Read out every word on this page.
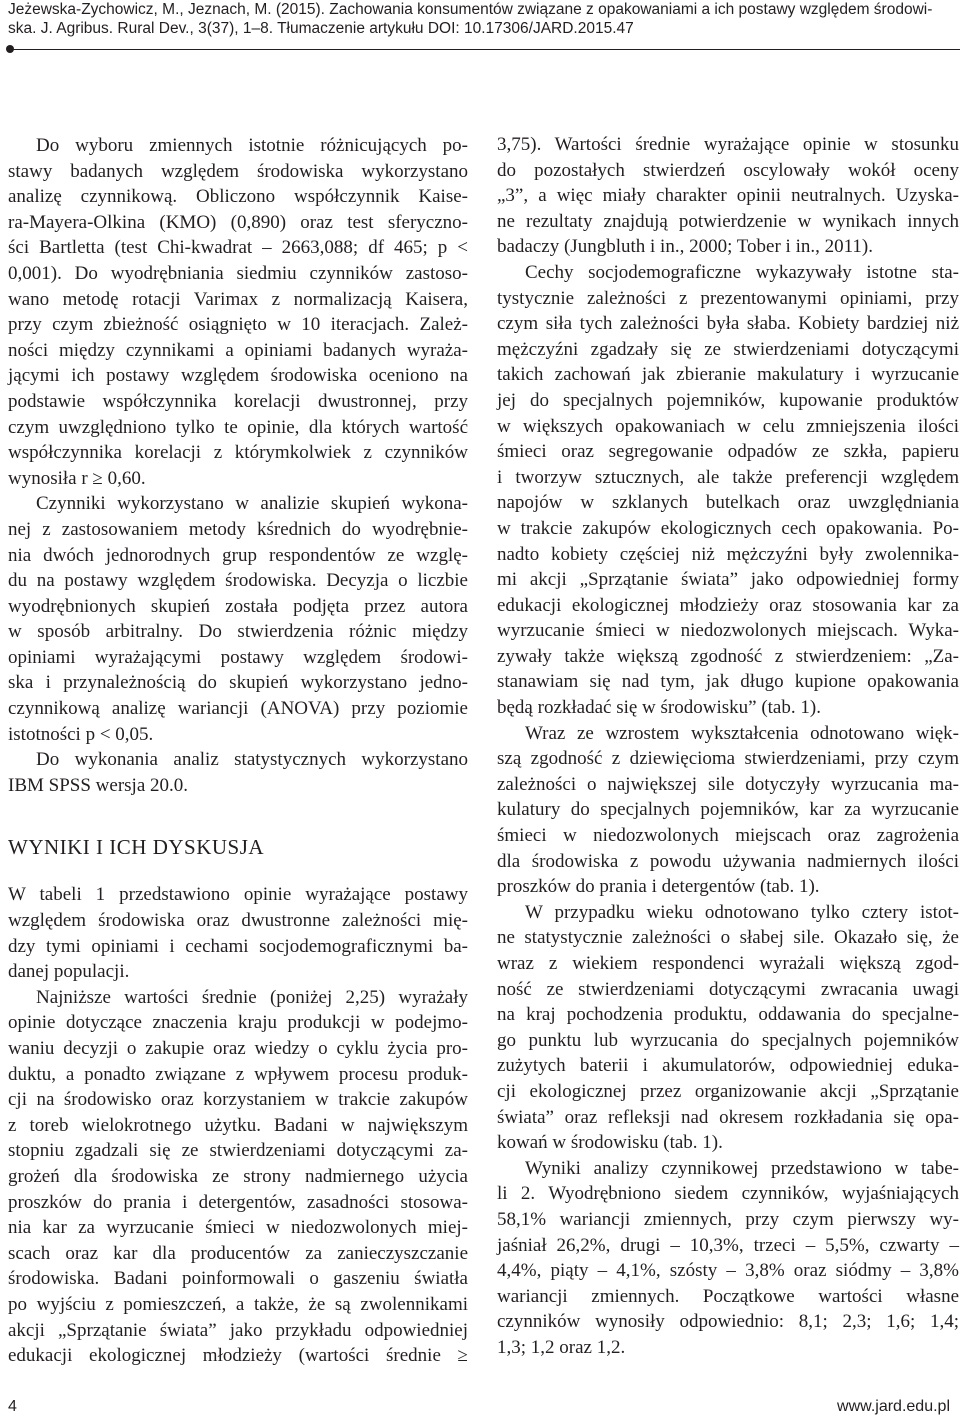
Jeżewska-Zychowicz, M., Jeznach, M. (2015). Zachowania konsumentów związane z opakowaniami a ich postawy względem środowi-
ska. J. Agribus. Rural Dev., 3(37), 1–8. Tłumaczenie artykułu DOI: 10.17306/JARD.2015.47
Do wyboru zmiennych istotnie różnicujących po-
stawy badanych względem środowiska wykorzystano
analizę czynnikową. Obliczono współczynnik Kaise-
ra-Mayera-Olkina (KMO) (0,890) oraz test sferyczno-
ści Bartletta (test Chi-kwadrat – 2663,088; df 465; p <
0,001). Do wyodrębniania siedmiu czynników zastoso-
wano metodę rotacji Varimax z normalizacją Kaisera,
przy czym zbieżność osiągnięto w 10 iteracjach. Zależ-
ności między czynnikami a opiniami badanych wyraża-
jącymi ich postawy względem środowiska oceniono na
podstawie współczynnika korelacji dwustronnej, przy
czym uwzględniono tylko te opinie, dla których wartość
współczynnika korelacji z którymkolwiek z czynników
wynosiła r ≥ 0,60.
Czynniki wykorzystano w analizie skupień wykona-
nej z zastosowaniem metody kśrednich do wyodrębnie-
nia dwóch jednorodnych grup respondentów ze wzglę-
du na postawy względem środowiska. Decyzja o liczbie
wyodrębnionych skupień została podjęta przez autora
w sposób arbitralny. Do stwierdzenia różnic między
opiniami wyrażającymi postawy względem środowi-
ska i przynależnością do skupień wykorzystano jedno-
czynnikową analizę wariancji (ANOVA) przy poziomie
istotności p < 0,05.
Do wykonania analiz statystycznych wykorzystano
IBM SPSS wersja 20.0.
WYNIKI I ICH DYSKUSJA
W tabeli 1 przedstawiono opinie wyrażające postawy
względem środowiska oraz dwustronne zależności mię-
dzy tymi opiniami i cechami socjodemograficznymi ba-
danej populacji.
Najniższe wartości średnie (poniżej 2,25) wyrażały
opinie dotyczące znaczenia kraju produkcji w podejmo-
waniu decyzji o zakupie oraz wiedzy o cyklu życia pro-
duktu, a ponadto związane z wpływem procesu produk-
cji na środowisko oraz korzystaniem w trakcie zakupów
z toreb wielokrotnego użytku. Badani w największym
stopniu zgadzali się ze stwierdzeniami dotyczącymi za-
grożeń dla środowiska ze strony nadmiernego użycia
proszków do prania i detergentów, zasadności stosowa-
nia kar za wyrzucanie śmieci w niedozwolonych miej-
scach oraz kar dla producentów za zanieczyszczanie
środowiska. Badani poinformowali o gaszeniu światła
po wyjściu z pomieszczeń, a także, że są zwolennikami
akcji „Sprzątanie świata” jako przykładu odpowiedniej
edukacji ekologicznej młodzieży (wartości średnie ≥
3,75). Wartości średnie wyrażające opinie w stosunku
do pozostałych stwierdzeń oscylowały wokół oceny
„3”, a więc miały charakter opinii neutralnych. Uzyska-
ne rezultaty znajdują potwierdzenie w wynikach innych
badaczy (Jungbluth i in., 2000; Tober i in., 2011).
Cechy socjodemograficzne wykazywały istotne sta-
tystycznie zależności z prezentowanymi opiniami, przy
czym siła tych zależności była słaba. Kobiety bardziej niż
mężczyźni zgadzały się ze stwierdzeniami dotyczącymi
takich zachowań jak zbieranie makulatury i wyrzucanie
jej do specjalnych pojemników, kupowanie produktów
w większych opakowaniach w celu zmniejszenia ilości
śmieci oraz segregowanie odpadów ze szkła, papieru
i tworzyw sztucznych, ale także preferencji względem
napojów w szklanych butelkach oraz uwzględniania
w trakcie zakupów ekologicznych cech opakowania. Po-
nadto kobiety częściej niż mężczyźni były zwolennika-
mi akcji „Sprzątanie świata” jako odpowiedniej formy
edukacji ekologicznej młodzieży oraz stosowania kar za
wyrzucanie śmieci w niedozwolonych miejscach. Wyka-
zywały także większą zgodność z stwierdzeniem: „Za-
stanawiam się nad tym, jak długo kupione opakowania
będą rozkładać się w środowisku” (tab. 1).
Wraz ze wzrostem wykształcenia odnotowano więk-
szą zgodność z dziewięcioma stwierdzeniami, przy czym
zależności o największej sile dotyczyły wyrzucania ma-
kulatury do specjalnych pojemników, kar za wyrzucanie
śmieci w niedozwolonych miejscach oraz zagrożenia
dla środowiska z powodu używania nadmiernych ilości
proszków do prania i detergentów (tab. 1).
W przypadku wieku odnotowano tylko cztery istot-
ne statystycznie zależności o słabej sile. Okazało się, że
wraz z wiekiem respondenci wyrażali większą zgod-
ność ze stwierdzeniami dotyczącymi zwracania uwagi
na kraj pochodzenia produktu, oddawania do specjalne-
go punktu lub wyrzucania do specjalnych pojemników
zużytych baterii i akumulatorów, odpowiedniej eduka-
cji ekologicznej przez organizowanie akcji „Sprzątanie
świata” oraz refleksji nad okresem rozkładania się opa-
kowań w środowisku (tab. 1).
Wyniki analizy czynnikowej przedstawiono w tabe-
li 2. Wyodrębniono siedem czynników, wyjaśniających
58,1% wariancji zmiennych, przy czym pierwszy wy-
jaśniał 26,2%, drugi – 10,3%, trzeci – 5,5%, czwarty –
4,4%, piąty – 4,1%, szósty – 3,8% oraz siódmy – 3,8%
wariancji zmiennych. Początkowe wartości własne
czynników wynosiły odpowiednio: 8,1; 2,3; 1,6; 1,4;
1,3; 1,2 oraz 1,2.
4	www.jard.edu.pl
